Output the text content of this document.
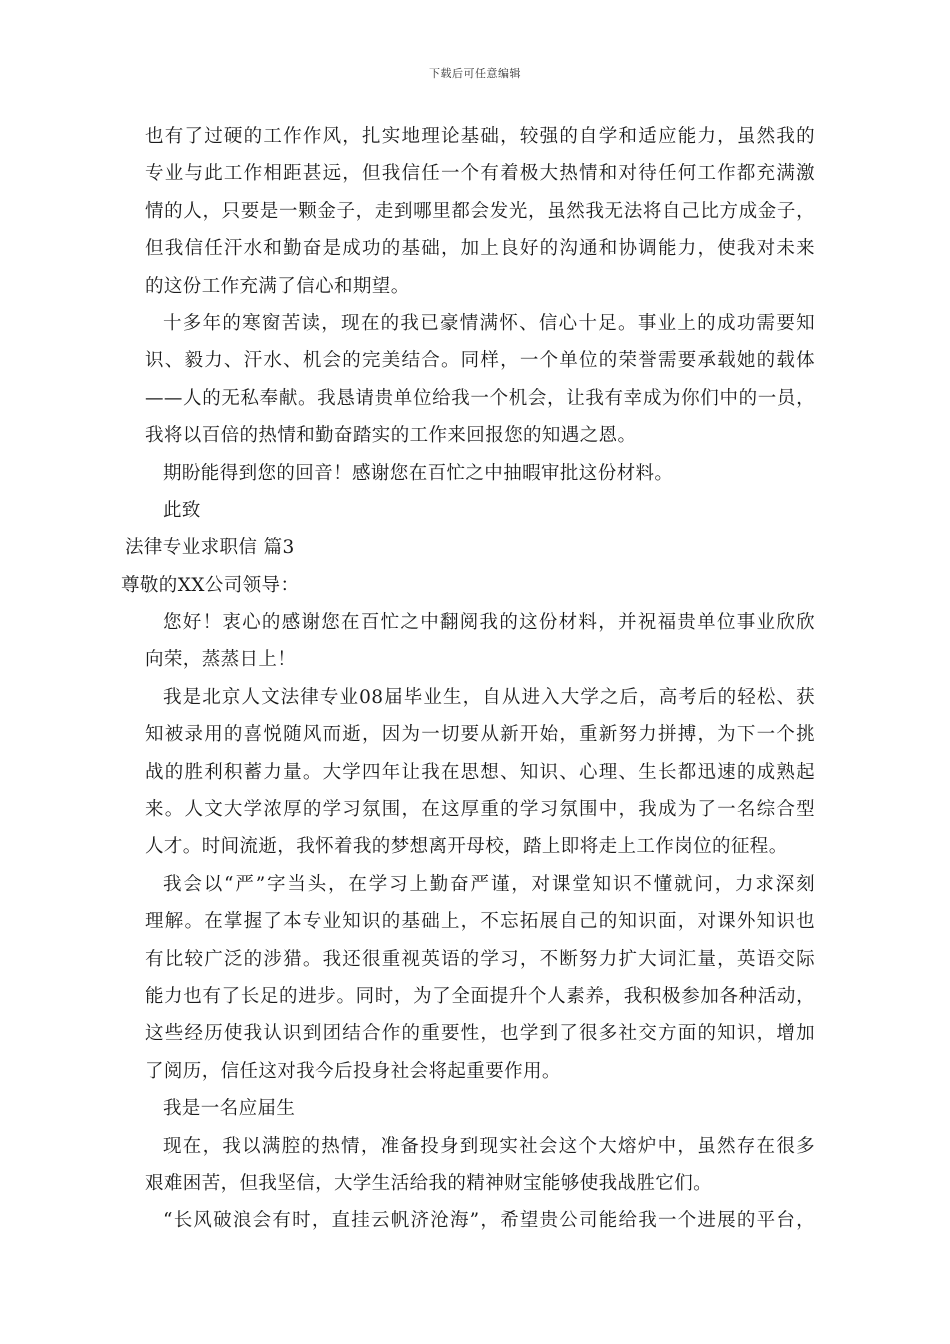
下载后可任意编辑
也有了过硬的工作作风，扎实地理论基础，较强的自学和适应能力，虽然我的
专业与此工作相距甚远，但我信任一个有着极大热情和对待任何工作都充满激
情的人，只要是一颗金子，走到哪里都会发光，虽然我无法将自己比方成金子，
但我信任汗水和勤奋是成功的基础，加上良好的沟通和协调能力，使我对未来
的这份工作充满了信心和期望。
十多年的寒窗苦读，现在的我已豪情满怀、信心十足。事业上的成功需要知
识、毅力、汗水、机会的完美结合。同样，一个单位的荣誉需要承载她的载体
——人的无私奉献。我恳请贵单位给我一个机会，让我有幸成为你们中的一员，
我将以百倍的热情和勤奋踏实的工作来回报您的知遇之恩。
期盼能得到您的回音！感谢您在百忙之中抽暇审批这份材料。
此致
法律专业求职信 篇3
尊敬的XX公司领导：
您好！衷心的感谢您在百忙之中翻阅我的这份材料，并祝福贵单位事业欣欣
向荣，蒸蒸日上！
我是北京人文法律专业08届毕业生，自从进入大学之后，高考后的轻松、获
知被录用的喜悦随风而逝，因为一切要从新开始，重新努力拼搏，为下一个挑
战的胜利积蓄力量。大学四年让我在思想、知识、心理、生长都迅速的成熟起
来。人文大学浓厚的学习氛围，在这厚重的学习氛围中，我成为了一名综合型
人才。时间流逝，我怀着我的梦想离开母校，踏上即将走上工作岗位的征程。
我会以“严”字当头，在学习上勤奋严谨，对课堂知识不懂就问，力求深刻
理解。在掌握了本专业知识的基础上，不忘拓展自己的知识面，对课外知识也
有比较广泛的涉猎。我还很重视英语的学习，不断努力扩大词汇量，英语交际
能力也有了长足的进步。同时，为了全面提升个人素养，我积极参加各种活动，
这些经历使我认识到团结合作的重要性，也学到了很多社交方面的知识，增加
了阅历，信任这对我今后投身社会将起重要作用。
我是一名应届生
现在，我以满腔的热情，准备投身到现实社会这个大熔炉中，虽然存在很多
艰难困苦，但我坚信，大学生活给我的精神财宝能够使我战胜它们。
“长风破浪会有时，直挂云帆济沧海”，希望贵公司能给我一个进展的平台，
